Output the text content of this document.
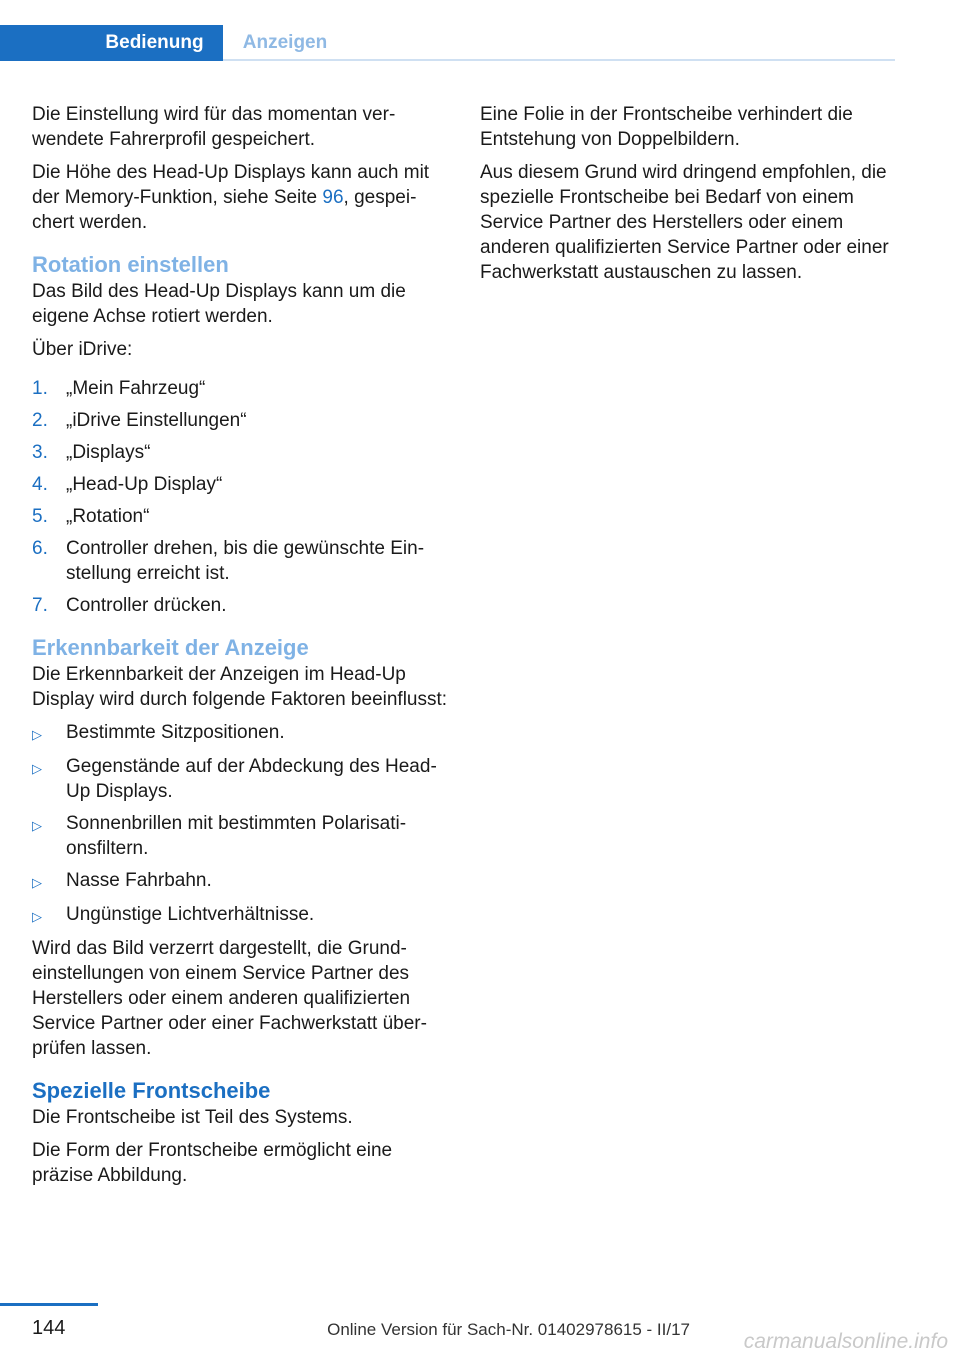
Bedienung	Anzeigen

Die Einstellung wird für das momentan verwendete Fahrerprofil gespeichert.

Die Höhe des Head-Up Displays kann auch mit der Memory-Funktion, siehe Seite 96, gespeichert werden.

Rotation einstellen

Das Bild des Head-Up Displays kann um die eigene Achse rotiert werden.

Über iDrive:

1. „Mein Fahrzeug“
2. „iDrive Einstellungen“
3. „Displays“
4. „Head-Up Display“
5. „Rotation“
6. Controller drehen, bis die gewünschte Einstellung erreicht ist.
7. Controller drücken.
Erkennbarkeit der Anzeige

Die Erkennbarkeit der Anzeigen im Head-Up Display wird durch folgende Faktoren beeinflusst:

▷	Bestimmte Sitzpositionen.
▷	Gegenstände auf der Abdeckung des Head-Up Displays.
▷	Sonnenbrillen mit bestimmten Polarisationsfiltern.
▷	Nasse Fahrbahn.
▷	Ungünstige Lichtverhältnisse.

Wird das Bild verzerrt dargestellt, die Grundeinstellungen von einem Service Partner des Herstellers oder einem anderen qualifizierten Service Partner oder einer Fachwerkstatt überprüfen lassen.

Spezielle Frontscheibe

Die Frontscheibe ist Teil des Systems.

Die Form der Frontscheibe ermöglicht eine präzise Abbildung.

Eine Folie in der Frontscheibe verhindert die Entstehung von Doppelbildern.

Aus diesem Grund wird dringend empfohlen, die spezielle Frontscheibe bei Bedarf von einem Service Partner des Herstellers oder einem anderen qualifizierten Service Partner oder einer Fachwerkstatt austauschen zu lassen.

144	Online Version für Sach-Nr. 01402978615 - II/17
carmanualsonline.info
